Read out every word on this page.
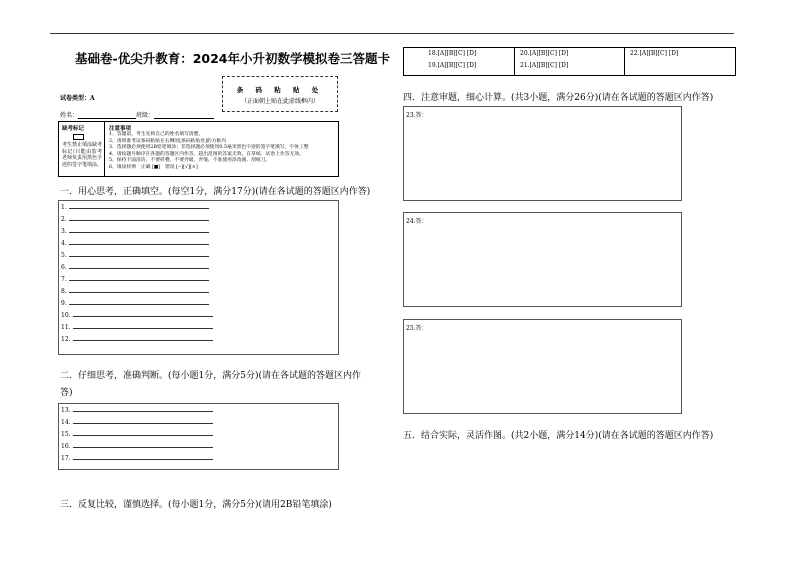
基础卷-优尖升教育：2024年小升初数学模拟卷三答题卡
试卷类型：A
姓名：	班级：
条 码 粘 贴 处
（正面朝上贴在此虚线框内）
缺考标记
考生禁止填涂缺考标记!只能由监考老师负责用黑色字迹的签字笔填涂。
注意事项
1、答题前，考生先将自己的姓名填写清楚。
2、请将准考证条码粘贴在右侧的[条码粘贴处]的方框内
3、选择题必须使用2B铅笔填涂；非选择题必须使用0.5毫米黑色字迹的签字笔填写，字体工整
4、请按题号顺序在各题的答题区内作答，超出范围的答案无效，在草纸、试卷上作答无效。
5、保持卡面清洁，不要折叠、不要弄破、弄皱，不准使用涂改液、刮纸刀。
6、填涂样例　正确 [■]　错误 [--][√][×]
一．用心思考，正确填空。(每空1分，满分17分)(请在各试题的答题区内作答)
1.
2.
3.
4.
5.
6.
7.
8.
9.
10.
11.
12.
二．仔细思考，准确判断。(每小题1分，满分5分)(请在各试题的答题区内作
答)
13.
14.
15.
16.
17.
三．反复比较，谨慎选择。(每小题1分，满分5分)(请用2B铅笔填涂)
18.[A][B][C] [D]
19.[A][B][C] [D]
20.[A][B][C] [D]
21.[A][B][C] [D]
22.[A][B][C] [D]
四．注意审题，细心计算。(共3小题，满分26分)(请在各试题的答题区内作答)
23.答：
24.答：
25.答：
五．结合实际，灵活作图。(共2小题，满分14分)(请在各试题的答题区内作答)
